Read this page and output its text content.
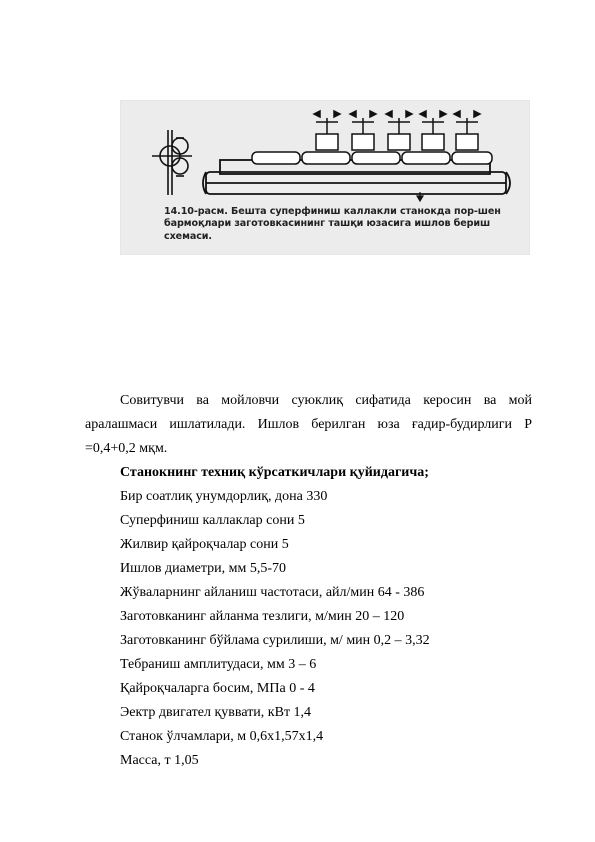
14.10-расм. Бешта суперфиниш каллакли станокда пор-шен бармоқлари заготовкасининг ташқи юзасига ишлов бериш схемаси.

Совитувчи ва мойловчи суюклиқ сифатида керосин ва мой аралашмаси ишлатилади. Ишлов берилган юза ғадир-будирлиги Р =0,4+0,2 мқм.

Станокнинг техниқ кўрсаткичлари қуйидагича;

Бир соатлиқ унумдорлиқ, дона 330

Суперфиниш каллаклар сони 5

Жилвир қайроқчалар сони 5

Ишлов диаметри, мм 5,5-70

Жўваларнинг айланиш частотаси, айл/мин 64 - 386

Заготовканинг айланма тезлиги, м/мин 20 – 120

Заготовканинг бўйлама сурилиши, м/ мин 0,2 – 3,32

Тебраниш амплитудаси, мм 3 – 6

Қайроқчаларга босим, МПа 0 - 4

Эектр двигател қуввати, кВт 1,4

Станок ўлчамлари, м 0,6х1,57х1,4

Масса, т 1,05
